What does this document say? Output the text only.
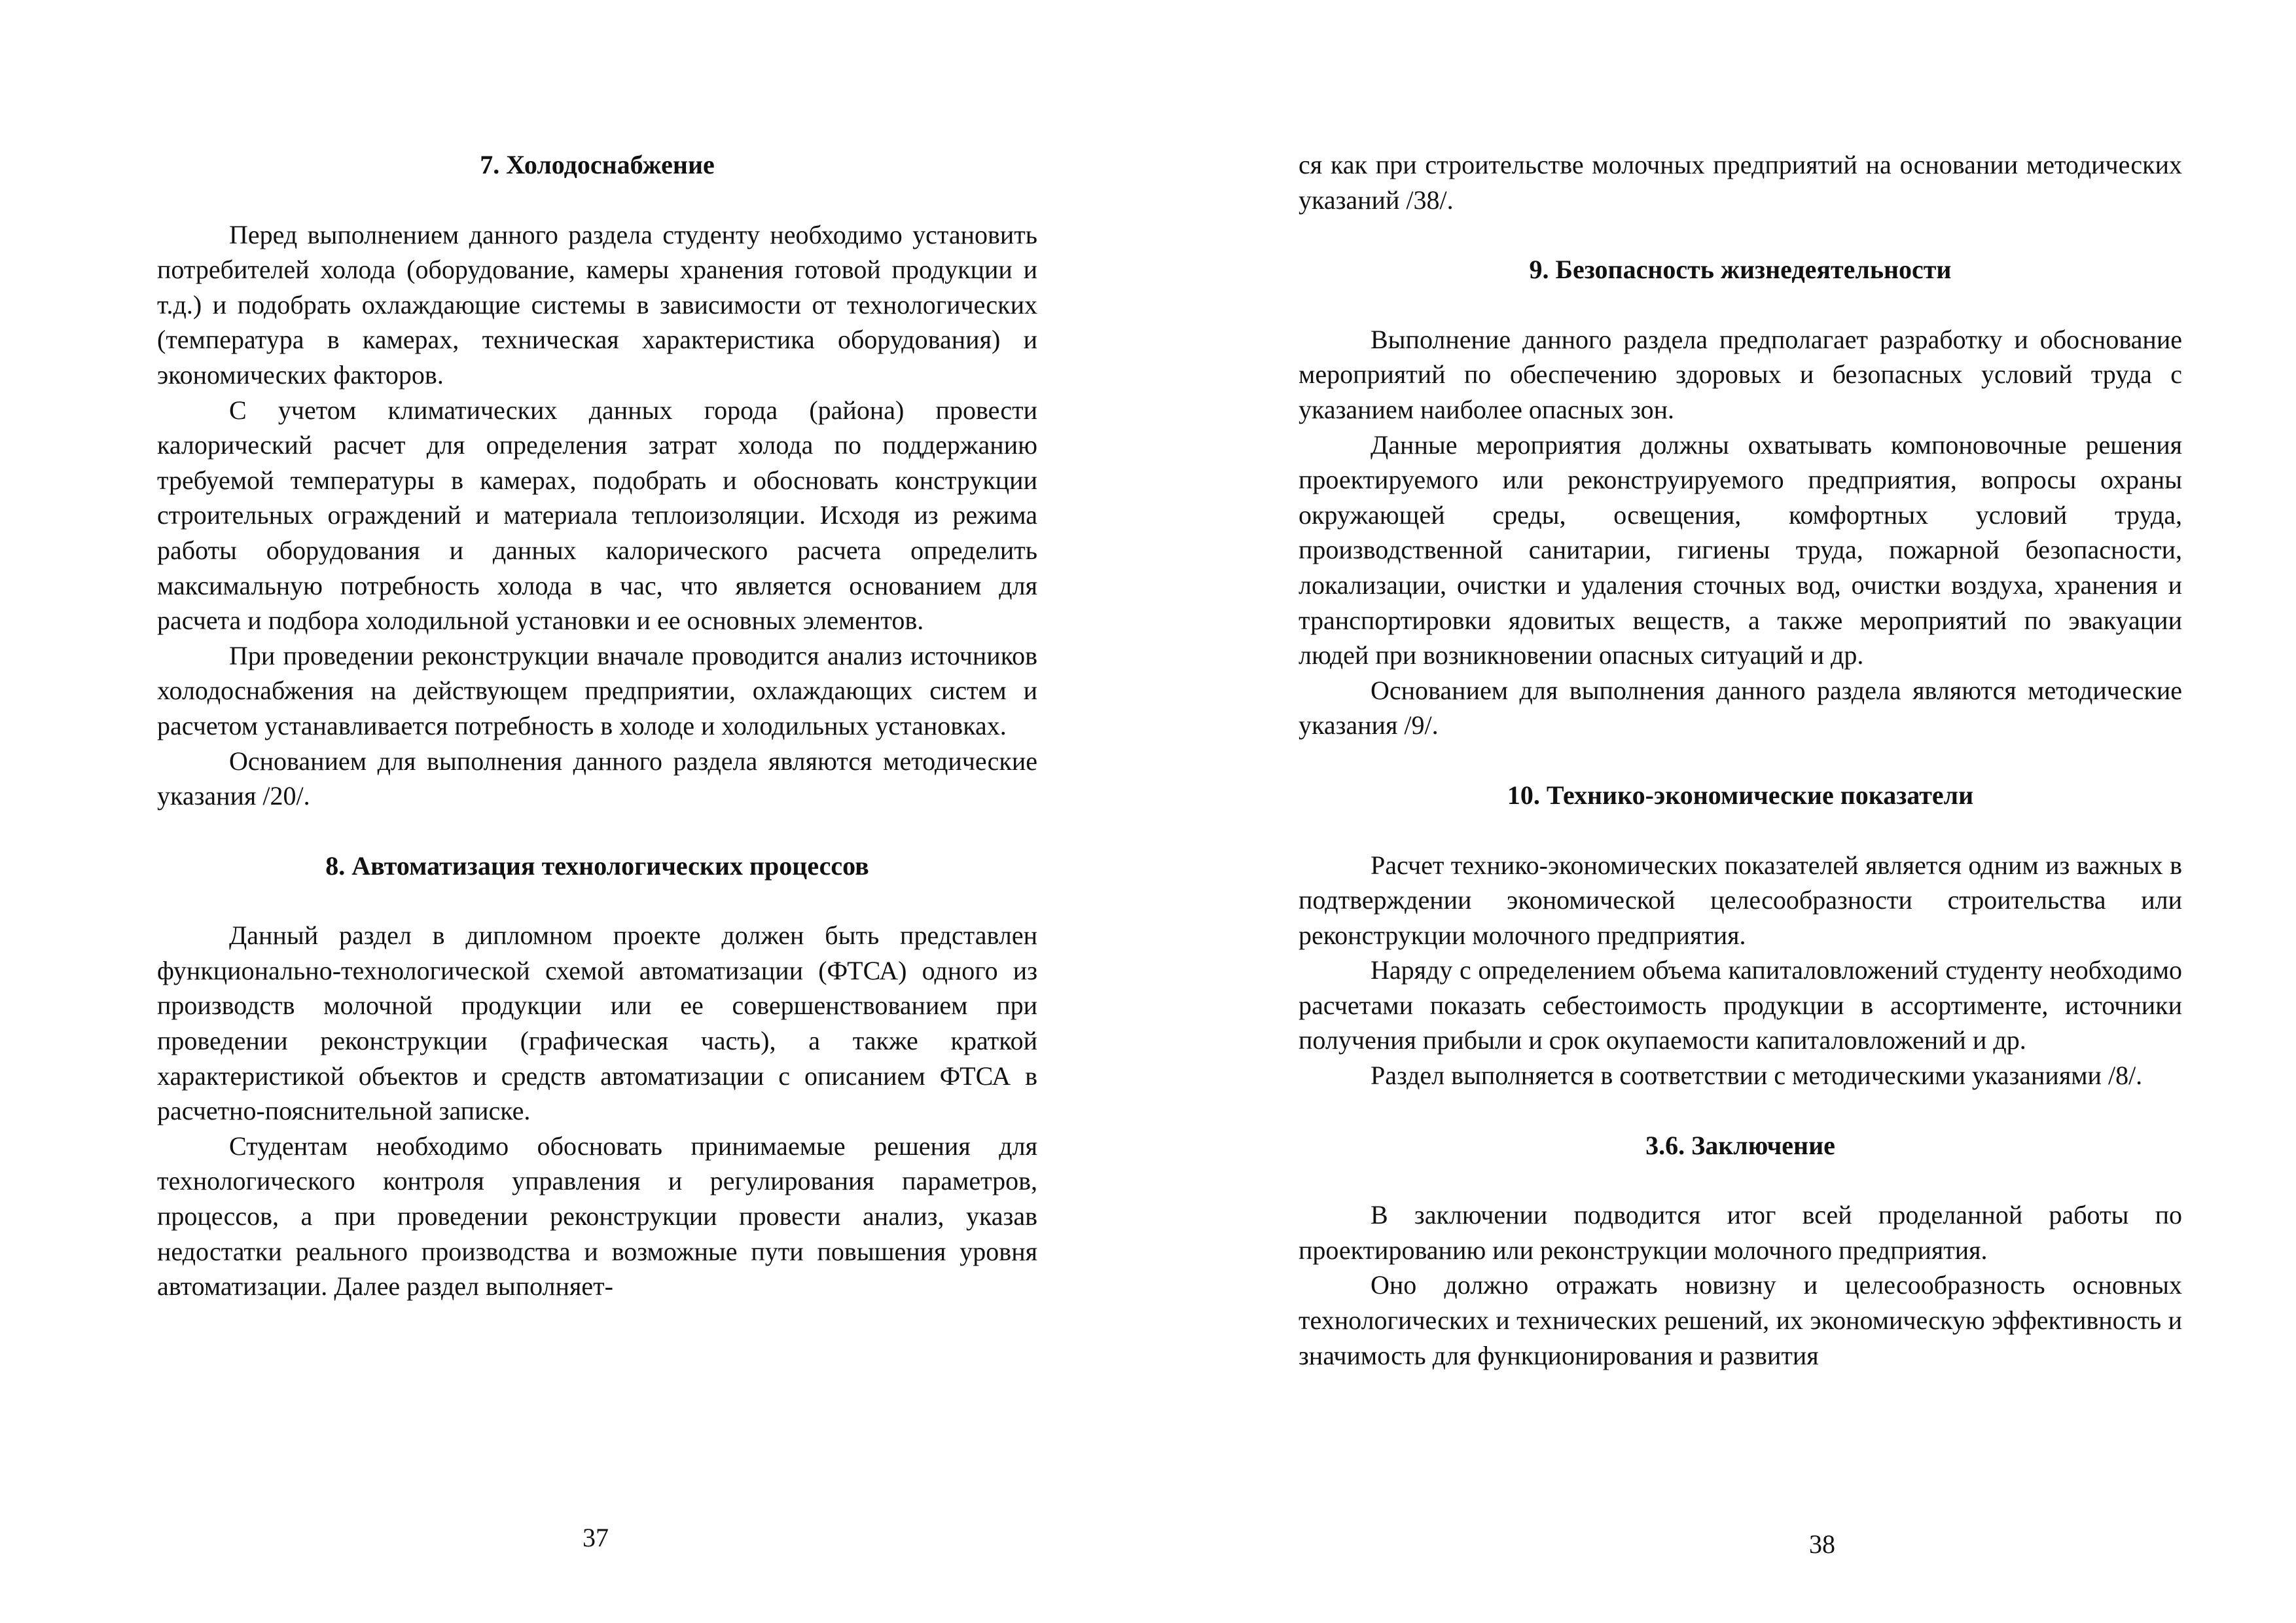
7. Холодоснабжение

Перед выполнением данного раздела студенту необходимо установить потребителей холода (оборудование, камеры хранения готовой продукции и т.д.) и подобрать охлаждающие системы в зависимости от технологических (температура в камерах, техническая характеристика оборудования) и экономических факторов.

С учетом климатических данных города (района) провести калорический расчет для определения затрат холода по поддержанию требуемой температуры в камерах, подобрать и обосновать конструкции строительных ограждений и материала теплоизоляции. Исходя из режима работы оборудования и данных калорического расчета определить максимальную потребность холода в час, что является основанием для расчета и подбора холодильной установки и ее основных элементов.

При проведении реконструкции вначале проводится анализ источников холодоснабжения на действующем предприятии, охлаждающих систем и расчетом устанавливается потребность в холоде и холодильных установках.

Основанием для выполнения данного раздела являются методические указания /20/.

8. Автоматизация технологических процессов

Данный раздел в дипломном проекте должен быть представлен функционально-технологической схемой автоматизации (ФТСА) одного из производств молочной продукции или ее совершенствованием при проведении реконструкции (графическая часть), а также краткой характеристикой объектов и средств автоматизации с описанием ФТСА в расчетно-пояснительной записке.

Студентам необходимо обосновать принимаемые решения для технологического контроля управления и регулирования параметров, процессов, а при проведении реконструкции провести анализ, указав недостатки реального производства и возможные пути повышения уровня автоматизации. Далее раздел выполняет-

37

ся как при строительстве молочных предприятий на основании методических указаний /38/.

9. Безопасность жизнедеятельности

Выполнение данного раздела предполагает разработку и обоснование мероприятий по обеспечению здоровых и безопасных условий труда с указанием наиболее опасных зон.

Данные мероприятия должны охватывать компоновочные решения проектируемого или реконструируемого предприятия, вопросы охраны окружающей среды, освещения, комфортных условий труда, производственной санитарии, гигиены труда, пожарной безопасности, локализации, очистки и удаления сточных вод, очистки воздуха, хранения и транспортировки ядовитых веществ, а также мероприятий по эвакуации людей при возникновении опасных ситуаций и др.

Основанием для выполнения данного раздела являются методические указания /9/.

10. Технико-экономические показатели

Расчет технико-экономических показателей является одним из важных в подтверждении экономической целесообразности строительства или реконструкции молочного предприятия.

Наряду с определением объема капиталовложений студенту необходимо расчетами показать себестоимость продукции в ассортименте, источники получения прибыли и срок окупаемости капиталовложений и др.

Раздел выполняется в соответствии с методическими указаниями /8/.

3.6. Заключение

В заключении подводится итог всей проделанной работы по проектированию или реконструкции молочного предприятия.

Оно должно отражать новизну и целесообразность основных технологических и технических решений, их экономическую эффективность и значимость для функционирования и развития

38
